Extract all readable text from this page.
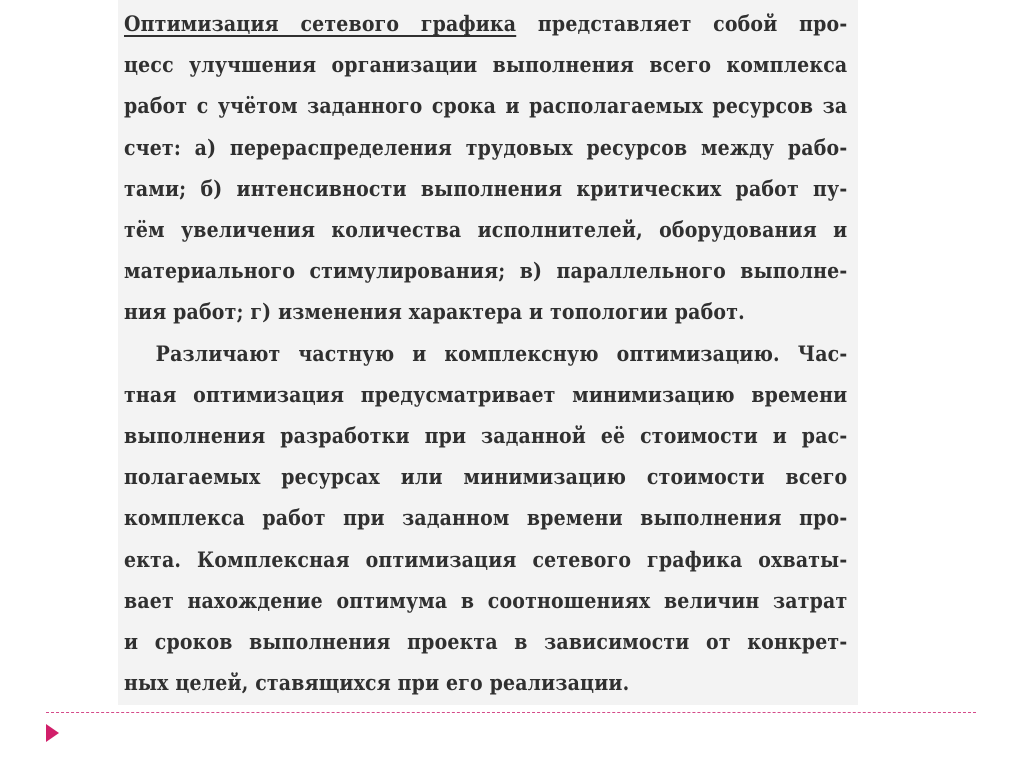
Оптимизация сетевого графика представляет собой про-
цесс улучшения организации выполнения всего комплекса
работ с учётом заданного срока и располагаемых ресурсов за
счет: а) перераспределения трудовых ресурсов между рабо-
тами; б) интенсивности выполнения критических работ пу-
тём увеличения количества исполнителей, оборудования и
материального стимулирования; в) параллельного выполне-
ния работ; г) изменения характера и топологии работ.
Различают частную и комплексную оптимизацию. Час-
тная оптимизация предусматривает минимизацию времени
выполнения разработки при заданной её стоимости и рас-
полагаемых ресурсах или минимизацию стоимости всего
комплекса работ при заданном времени выполнения про-
екта. Комплексная оптимизация сетевого графика охваты-
вает нахождение оптимума в соотношениях величин затрат
и сроков выполнения проекта в зависимости от конкрет-
ных целей, ставящихся при его реализации.
